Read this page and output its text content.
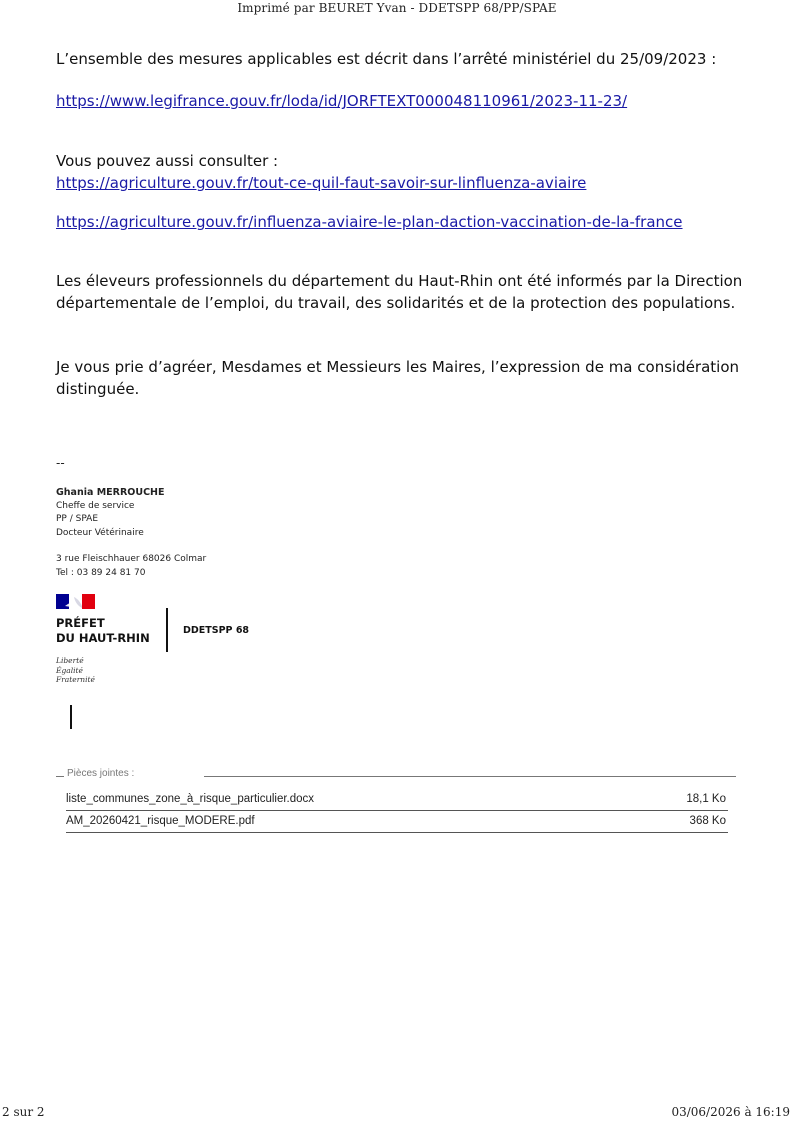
Imprimé par BEURET Yvan - DDETSPP 68/PP/SPAE
L’ensemble des mesures applicables est décrit dans l’arrêté ministériel du 25/09/2023 :
https://www.legifrance.gouv.fr/loda/id/JORFTEXT000048110961/2023-11-23/
Vous pouvez aussi consulter :
https://agriculture.gouv.fr/tout-ce-quil-faut-savoir-sur-linfluenza-aviaire
https://agriculture.gouv.fr/influenza-aviaire-le-plan-daction-vaccination-de-la-france
Les éleveurs professionnels du département du Haut-Rhin ont été informés par la Direction
départementale de l’emploi, du travail, des solidarités et de la protection des populations.
Je vous prie d’agréer, Mesdames et Messieurs les Maires, l’expression de ma considération
distinguée.
--
Ghania MERROUCHE
Cheffe de service
PP / SPAE
Docteur Vétérinaire
3 rue Fleischhauer 68026 Colmar
Tel : 03 89 24 81 70
PRÉFET
DU HAUT-RHIN
DDETSPP 68
Liberté
Égalité
Fraternité
Pièces jointes :
liste_communes_zone_à_risque_particulier.docx	18,1 Ko
AM_20260421_risque_MODERE.pdf	368 Ko
2 sur 2	03/06/2026 à 16:19
